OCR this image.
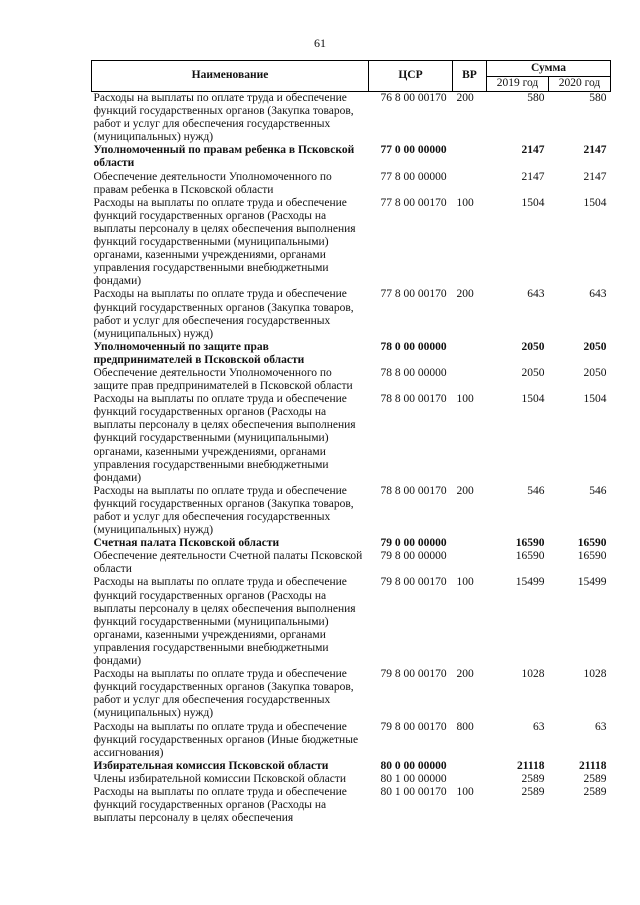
61
Наименование	ЦСР	ВР	Сумма	
			2019 год	2020 год
Расходы на выплаты по оплате труда и обеспечение функций государственных органов (Закупка товаров, работ и услуг для обеспечения государственных (муниципальных) нужд)	76 8 00 00170	200	580	580
Уполномоченный по правам ребенка в Псковской области	77 0 00 00000		2147	2147
Обеспечение деятельности Уполномоченного по правам ребенка в Псковской области	77 8 00 00000		2147	2147
Расходы на выплаты по оплате труда и обеспечение функций государственных органов (Расходы на выплаты персоналу в целях обеспечения выполнения функций государственными (муниципальными) органами, казенными учреждениями, органами управления государственными внебюджетными фондами)	77 8 00 00170	100	1504	1504
Расходы на выплаты по оплате труда и обеспечение функций государственных органов (Закупка товаров, работ и услуг для обеспечения государственных (муниципальных) нужд)	77 8 00 00170	200	643	643
Уполномоченный по защите прав предпринимателей в Псковской области	78 0 00 00000		2050	2050
Обеспечение деятельности Уполномоченного по защите прав предпринимателей в Псковской области	78 8 00 00000		2050	2050
Расходы на выплаты по оплате труда и обеспечение функций государственных органов (Расходы на выплаты персоналу в целях обеспечения выполнения функций государственными (муниципальными) органами, казенными учреждениями, органами управления государственными внебюджетными фондами)	78 8 00 00170	100	1504	1504
Расходы на выплаты по оплате труда и обеспечение функций государственных органов (Закупка товаров, работ и услуг для обеспечения государственных (муниципальных) нужд)	78 8 00 00170	200	546	546
Счетная палата Псковской области	79 0 00 00000		16590	16590
Обеспечение деятельности Счетной палаты Псковской области	79 8 00 00000		16590	16590
Расходы на выплаты по оплате труда и обеспечение функций государственных органов (Расходы на выплаты персоналу в целях обеспечения выполнения функций государственными (муниципальными) органами, казенными учреждениями, органами управления государственными внебюджетными фондами)	79 8 00 00170	100	15499	15499
Расходы на выплаты по оплате труда и обеспечение функций государственных органов (Закупка товаров, работ и услуг для обеспечения государственных (муниципальных) нужд)	79 8 00 00170	200	1028	1028
Расходы на выплаты по оплате труда и обеспечение функций государственных органов (Иные бюджетные ассигнования)	79 8 00 00170	800	63	63
Избирательная комиссия Псковской области	80 0 00 00000		21118	21118
Члены избирательной комиссии Псковской области	80 1 00 00000		2589	2589
Расходы на выплаты по оплате труда и обеспечение функций государственных органов (Расходы на выплаты персоналу в целях обеспечения	80 1 00 00170	100	2589	2589
